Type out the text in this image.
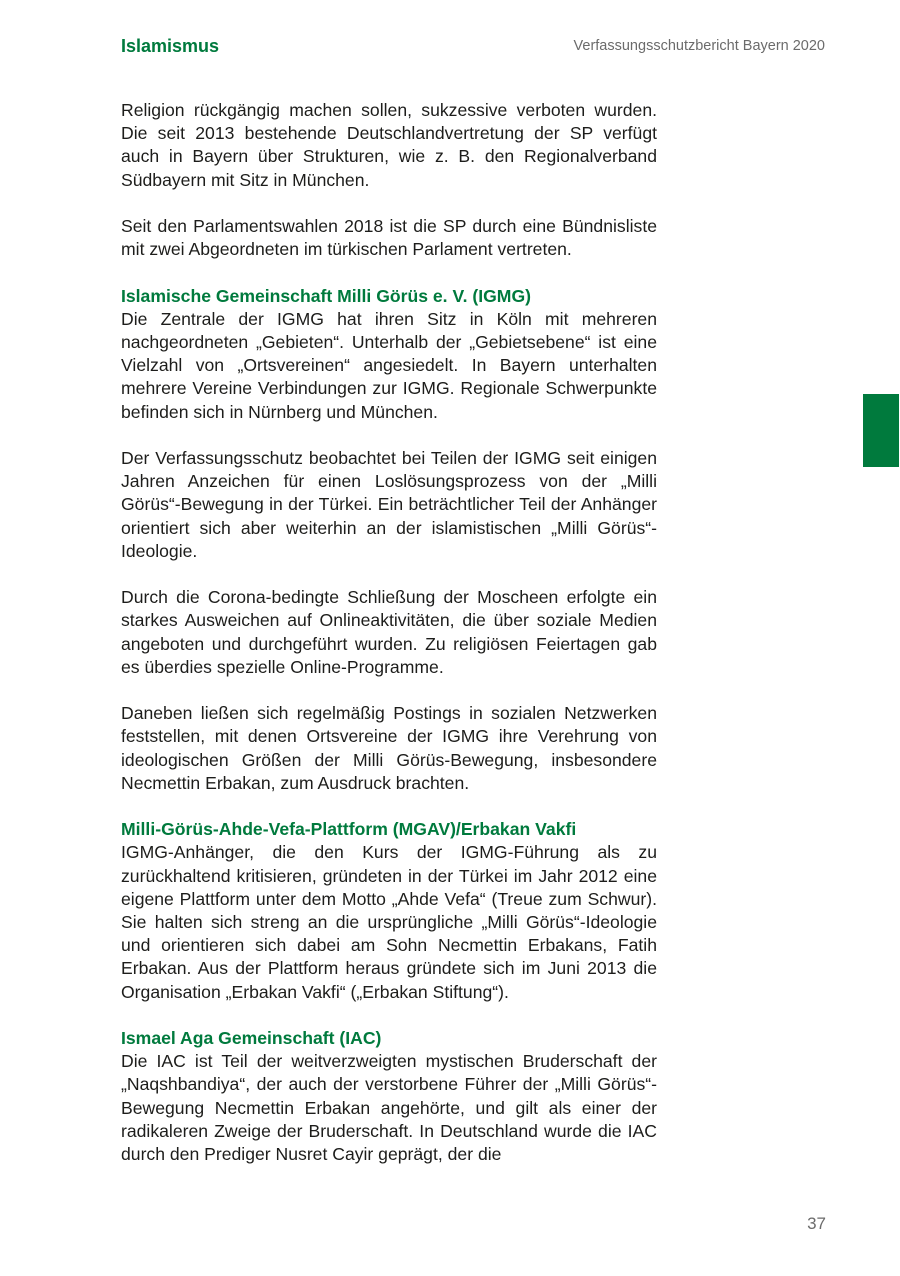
Islamismus	Verfassungsschutzbericht Bayern 2020

Religion rückgängig machen sollen, sukzessive verboten wurden. Die seit 2013 bestehende Deutschlandvertretung der SP verfügt auch in Bayern über Strukturen, wie z. B. den Regionalverband Südbayern mit Sitz in München.

Seit den Parlamentswahlen 2018 ist die SP durch eine Bündnisliste mit zwei Abgeordneten im türkischen Parlament vertreten.

Islamische Gemeinschaft Milli Görüs e. V. (IGMG)

Die Zentrale der IGMG hat ihren Sitz in Köln mit mehreren nachgeordneten „Gebieten“. Unterhalb der „Gebietsebene“ ist eine Vielzahl von „Ortsvereinen“ angesiedelt. In Bayern unterhalten mehrere Vereine Verbindungen zur IGMG. Regionale Schwerpunkte befinden sich in Nürnberg und München.

Der Verfassungsschutz beobachtet bei Teilen der IGMG seit einigen Jahren Anzeichen für einen Loslösungsprozess von der „Milli Görüs“-Bewegung in der Türkei. Ein beträchtlicher Teil der Anhänger orientiert sich aber weiterhin an der islamistischen „Milli Görüs“-Ideologie.

Durch die Corona-bedingte Schließung der Moscheen erfolgte ein starkes Ausweichen auf Onlineaktivitäten, die über soziale Medien angeboten und durchgeführt wurden. Zu religiösen Feiertagen gab es überdies spezielle Online-Programme.

Daneben ließen sich regelmäßig Postings in sozialen Netzwerken feststellen, mit denen Ortsvereine der IGMG ihre Verehrung von ideologischen Größen der Milli Görüs-Bewegung, insbesondere Necmettin Erbakan, zum Ausdruck brachten.

Milli-Görüs-Ahde-Vefa-Plattform (MGAV)/Erbakan Vakfi

IGMG-Anhänger, die den Kurs der IGMG-Führung als zu zurückhaltend kritisieren, gründeten in der Türkei im Jahr 2012 eine eigene Plattform unter dem Motto „Ahde Vefa“ (Treue zum Schwur). Sie halten sich streng an die ursprüngliche „Milli Görüs“-Ideologie und orientieren sich dabei am Sohn Necmettin Erbakans, Fatih Erbakan. Aus der Plattform heraus gründete sich im Juni 2013 die Organisation „Erbakan Vakfi“ („Erbakan Stiftung“).

Ismael Aga Gemeinschaft (IAC)

Die IAC ist Teil der weitverzweigten mystischen Bruderschaft der „Naqshbandiya“, der auch der verstorbene Führer der „Milli Görüs“-Bewegung Necmettin Erbakan angehörte, und gilt als einer der radikaleren Zweige der Bruderschaft. In Deutschland wurde die IAC durch den Prediger Nusret Cayir geprägt, der die

37
